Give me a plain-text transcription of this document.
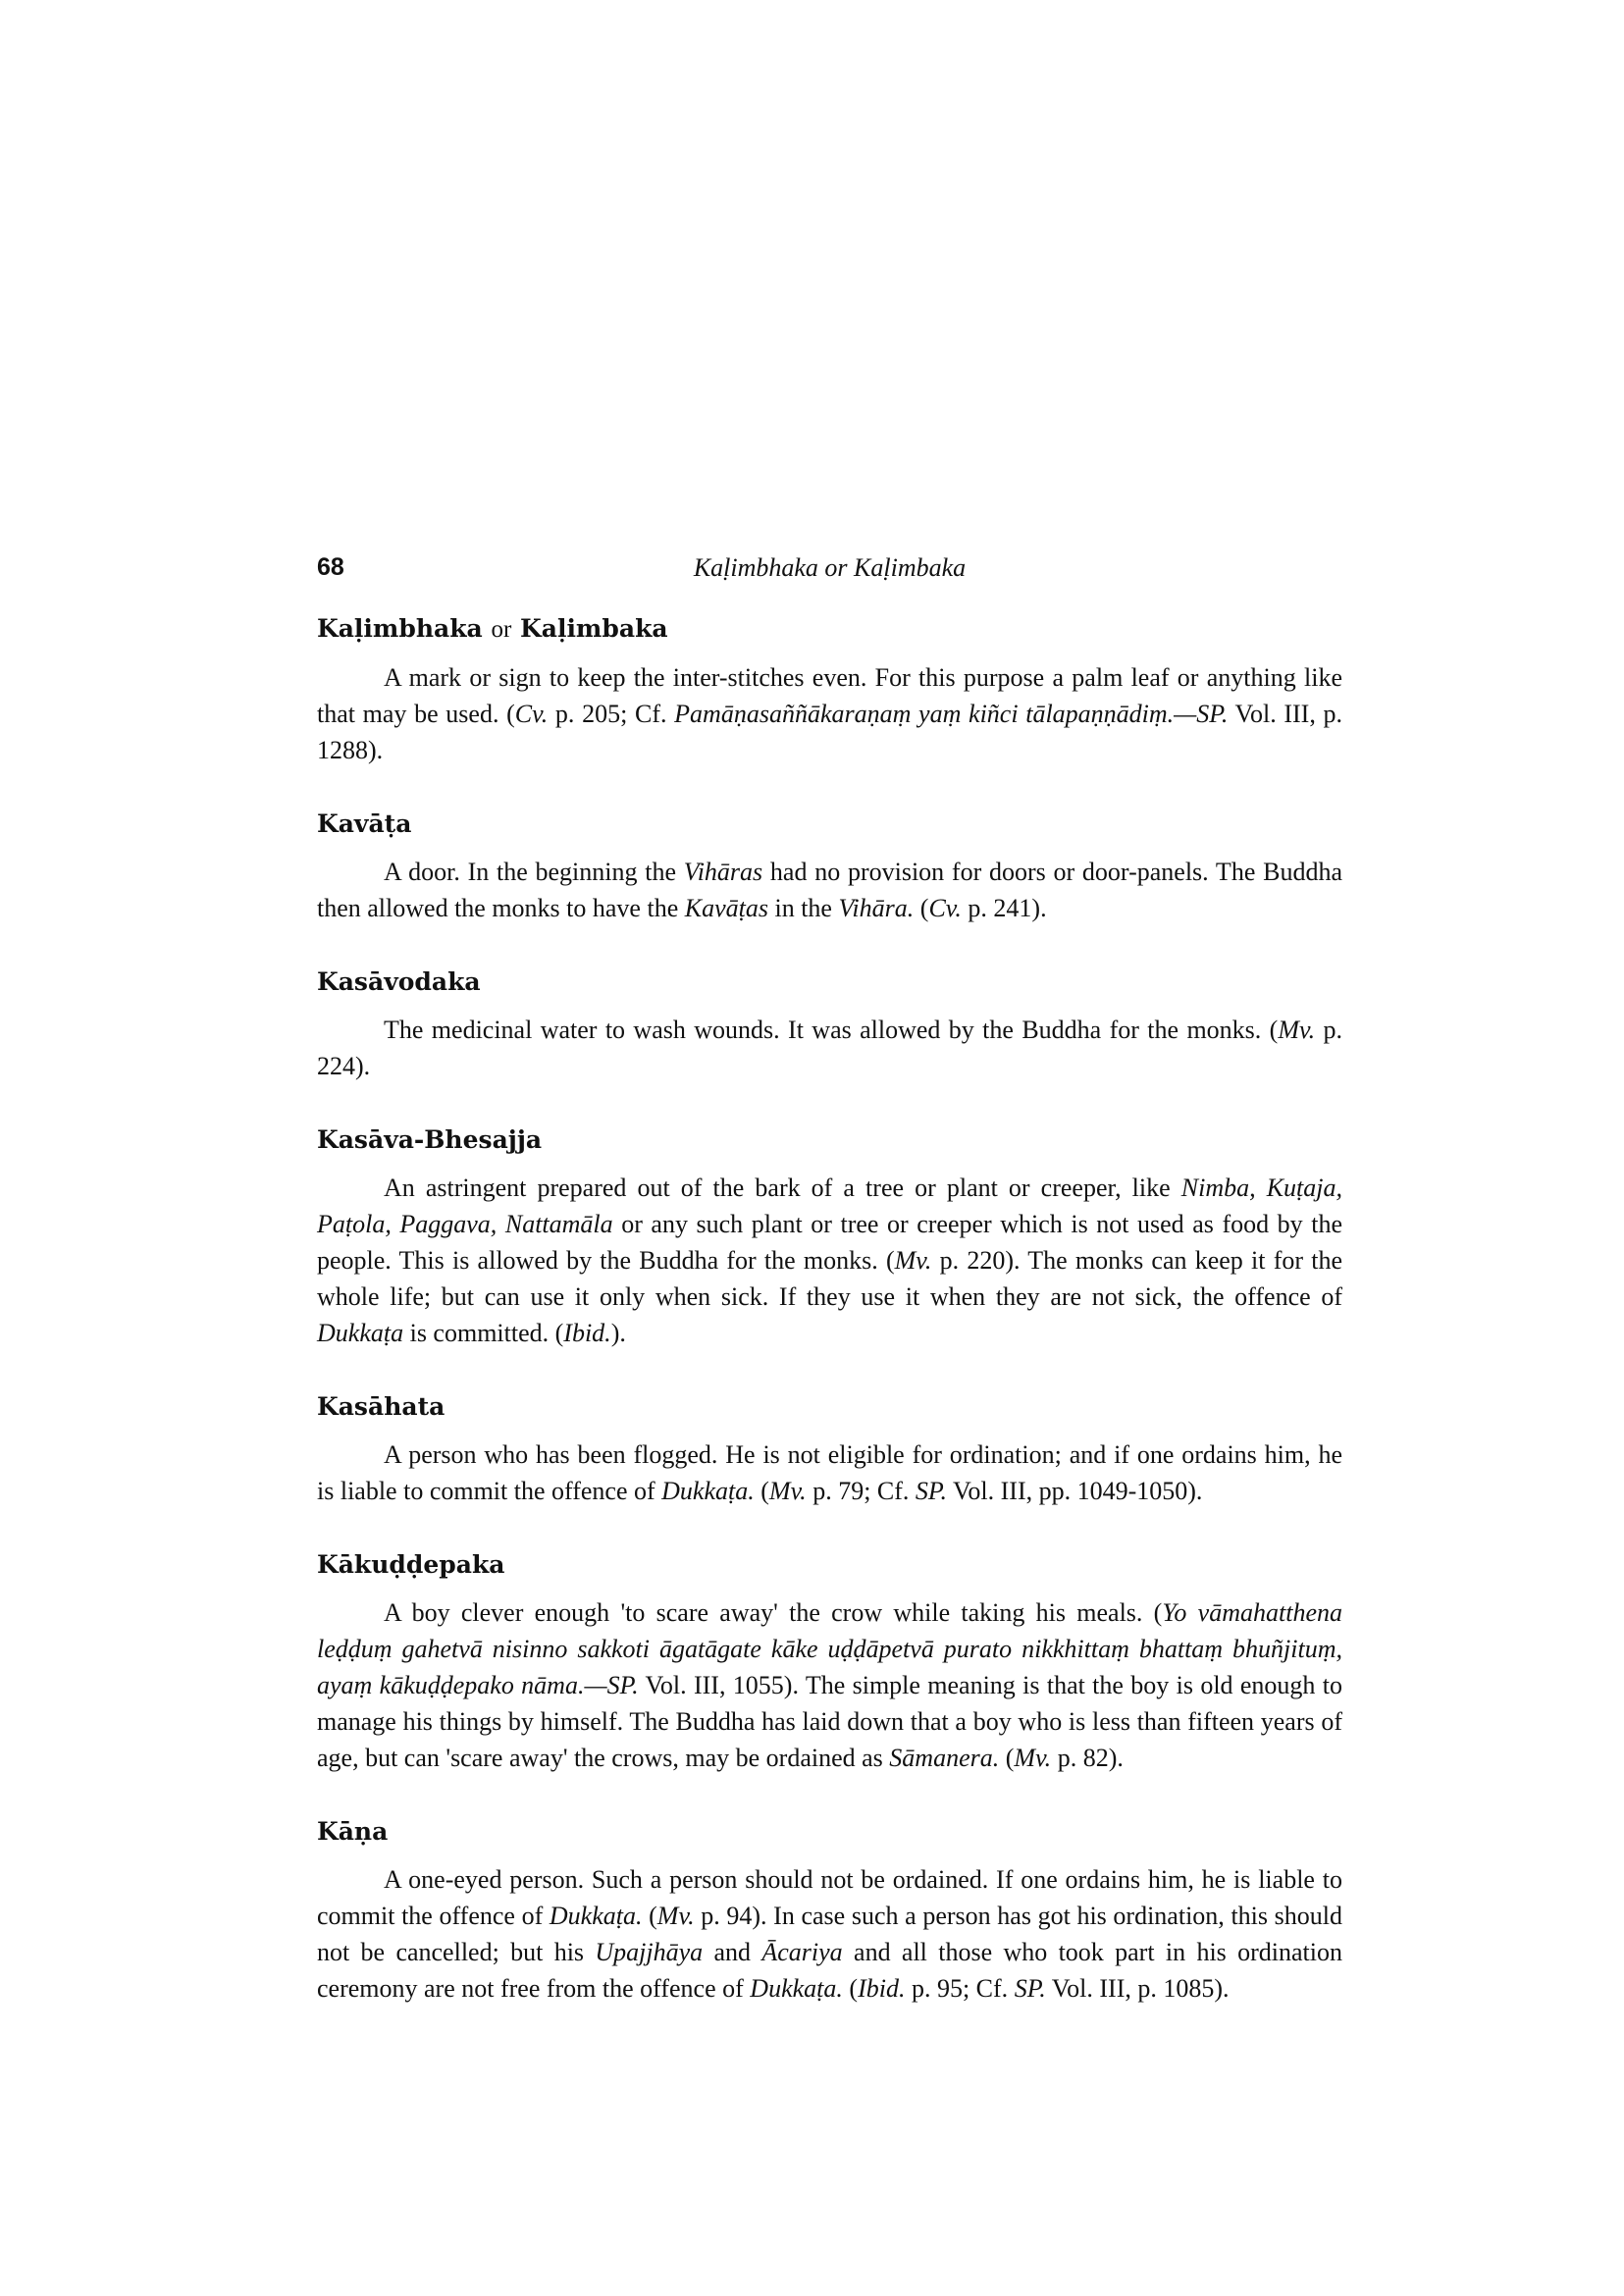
68	Kaḷimbhaka or Kaḷimbaka
Kaḷimbhaka or Kaḷimbaka

A mark or sign to keep the inter-stitches even. For this purpose a palm leaf or anything like that may be used. (Cv. p. 205; Cf. Pamāṇasaññākaraṇaṃ yaṃ kiñci tālapaṇṇādiṃ.—SP. Vol. III, p. 1288).

Kavāṭa

A door. In the beginning the Vihāras had no provision for doors or door-panels. The Buddha then allowed the monks to have the Kavāṭas in the Vihāra. (Cv. p. 241).

Kasāvodaka

The medicinal water to wash wounds. It was allowed by the Buddha for the monks. (Mv. p. 224).

Kasāva-Bhesajja

An astringent prepared out of the bark of a tree or plant or creeper, like Nimba, Kuṭaja, Paṭola, Paggava, Nattamāla or any such plant or tree or creeper which is not used as food by the people. This is allowed by the Buddha for the monks. (Mv. p. 220). The monks can keep it for the whole life; but can use it only when sick. If they use it when they are not sick, the offence of Dukkaṭa is committed. (Ibid.).

Kasāhata

A person who has been flogged. He is not eligible for ordination; and if one ordains him, he is liable to commit the offence of Dukkaṭa. (Mv. p. 79; Cf. SP. Vol. III, pp. 1049-1050).

Kākuḍḍepaka

A boy clever enough 'to scare away' the crow while taking his meals. (Yo vāmahatthena leḍḍuṃ gahetvā nisinno sakkoti āgatāgate kāke uḍḍāpetvā purato nikkhittaṃ bhattaṃ bhuñjituṃ, ayaṃ kākuḍḍepako nāma.—SP. Vol. III, 1055). The simple meaning is that the boy is old enough to manage his things by himself. The Buddha has laid down that a boy who is less than fifteen years of age, but can 'scare away' the crows, may be ordained as Sāmanera. (Mv. p. 82).

Kāṇa

A one-eyed person. Such a person should not be ordained. If one ordains him, he is liable to commit the offence of Dukkaṭa. (Mv. p. 94). In case such a person has got his ordination, this should not be cancelled; but his Upajjhāya and Ācariya and all those who took part in his ordination ceremony are not free from the offence of Dukkaṭa. (Ibid. p. 95; Cf. SP. Vol. III, p. 1085).
